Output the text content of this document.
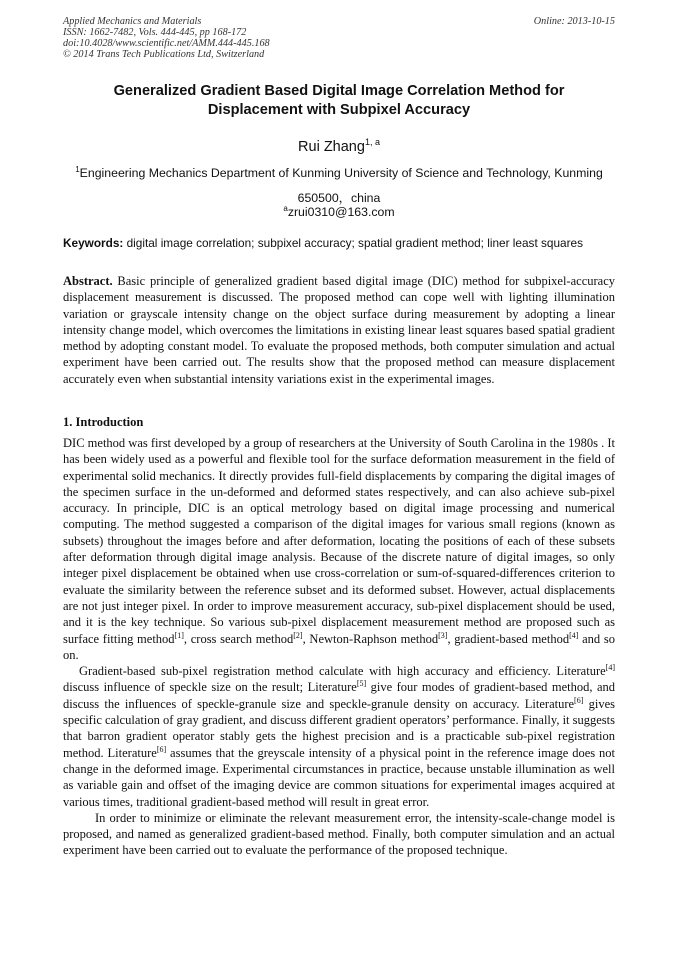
Applied Mechanics and Materials	Online: 2013-10-15
ISSN: 1662-7482, Vols. 444-445, pp 168-172
doi:10.4028/www.scientific.net/AMM.444-445.168
© 2014 Trans Tech Publications Ltd, Switzerland
Generalized Gradient Based Digital Image Correlation Method for
Displacement with Subpixel Accuracy
Rui Zhang$^{1, a}$
$^1$Engineering Mechanics Department of Kunming University of Science and Technology, Kunming
650500，china
$^a$zrui0310@163.com
Keywords: digital image correlation; subpixel accuracy; spatial gradient method; liner least squares
Abstract. Basic principle of generalized gradient based digital image (DIC) method for subpixel-accuracy displacement measurement is discussed. The proposed method can cope well with lighting illumination variation or grayscale intensity change on the object surface during measurement by adopting a linear intensity change model, which overcomes the limitations in existing linear least squares based spatial gradient method by adopting constant model. To evaluate the proposed methods, both computer simulation and actual experiment have been carried out. The results show that the proposed method can measure displacement accurately even when substantial intensity variations exist in the experimental images.
1. Introduction

DIC method was first developed by a group of researchers at the University of South Carolina in the 1980s . It has been widely used as a powerful and flexible tool for the surface deformation measurement in the field of experimental solid mechanics. It directly provides full-field displacements by comparing the digital images of the specimen surface in the un-deformed and deformed states respectively, and can also achieve sub-pixel accuracy. In principle, DIC is an optical metrology based on digital image processing and numerical computing. The method suggested a comparison of the digital images for various small regions (known as subsets) throughout the images before and after deformation, locating the positions of each of these subsets after deformation through digital image analysis. Because of the discrete nature of digital images, so only integer pixel displacement be obtained when use cross-correlation or sum-of-squared-differences criterion to evaluate the similarity between the reference subset and its deformed subset. However, actual displacements are not just integer pixel. In order to improve measurement accuracy, sub-pixel displacement should be used, and it is the key technique. So various sub-pixel displacement measurement method are proposed such as surface fitting method[1], cross search method[2], Newton-Raphson method[3], gradient-based method[4] and so on.

Gradient-based sub-pixel registration method calculate with high accuracy and efficiency. Literature[4] discuss influence of speckle size on the result; Literature[5] give four modes of gradient-based method, and discuss the influences of speckle-granule size and speckle-granule density on accuracy. Literature[6] gives specific calculation of gray gradient, and discuss different gradient operators’ performance. Finally, it suggests that barron gradient operator stably gets the highest precision and is a practicable sub-pixel registration method. Literature[6] assumes that the greyscale intensity of a physical point in the reference image does not change in the deformed image. Experimental circumstances in practice, because unstable illumination as well as variable gain and offset of the imaging device are common situations for experimental images acquired at various times, traditional gradient-based method will result in great error.

In order to minimize or eliminate the relevant measurement error, the intensity-scale-change model is proposed, and named as generalized gradient-based method. Finally, both computer simulation and an actual experiment have been carried out to evaluate the performance of the proposed technique.
